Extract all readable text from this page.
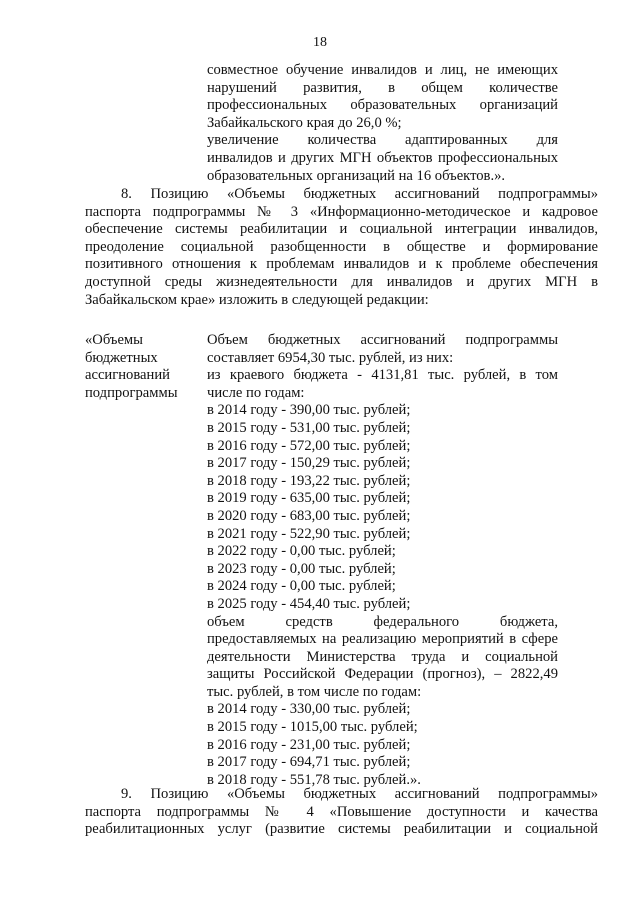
18
совместное обучение инвалидов и лиц, не имеющих
нарушений развития, в общем количестве
профессиональных образовательных организаций
Забайкальского края до 26,0 %;
увеличение количества адаптированных для
инвалидов и других МГН объектов профессиональных
образовательных организаций на 16 объектов.».
8. Позицию «Объемы бюджетных ассигнований подпрограммы»
паспорта подпрограммы № 3 «Информационно-методическое и кадровое
обеспечение системы реабилитации и социальной интеграции инвалидов,
преодоление социальной разобщенности в обществе и формирование
позитивного отношения к проблемам инвалидов и к проблеме обеспечения
доступной среды жизнедеятельности для инвалидов и других МГН в
Забайкальском крае» изложить в следующей редакции:
«Объемы
бюджетных
ассигнований
подпрограммы
Объем бюджетных ассигнований подпрограммы
составляет 6954,30 тыс. рублей, из них:
из краевого бюджета - 4131,81 тыс. рублей, в том
числе по годам:
в 2014 году - 390,00 тыс. рублей;
в 2015 году - 531,00 тыс. рублей;
в 2016 году - 572,00 тыс. рублей;
в 2017 году - 150,29 тыс. рублей;
в 2018 году - 193,22 тыс. рублей;
в 2019 году - 635,00 тыс. рублей;
в 2020 году - 683,00 тыс. рублей;
в 2021 году - 522,90 тыс. рублей;
в 2022 году - 0,00 тыс. рублей;
в 2023 году - 0,00 тыс. рублей;
в 2024 году - 0,00 тыс. рублей;
в 2025 году - 454,40 тыс. рублей;
объем средств федерального бюджета,
предоставляемых на реализацию мероприятий в сфере
деятельности Министерства труда и социальной
защиты Российской Федерации (прогноз), – 2822,49
тыс. рублей, в том числе по годам:
в 2014 году - 330,00 тыс. рублей;
в 2015 году - 1015,00 тыс. рублей;
в 2016 году - 231,00 тыс. рублей;
в 2017 году - 694,71 тыс. рублей;
в 2018 году - 551,78 тыс. рублей.».
9. Позицию «Объемы бюджетных ассигнований подпрограммы»
паспорта подпрограммы № 4 «Повышение доступности и качества
реабилитационных услуг (развитие системы реабилитации и социальной
